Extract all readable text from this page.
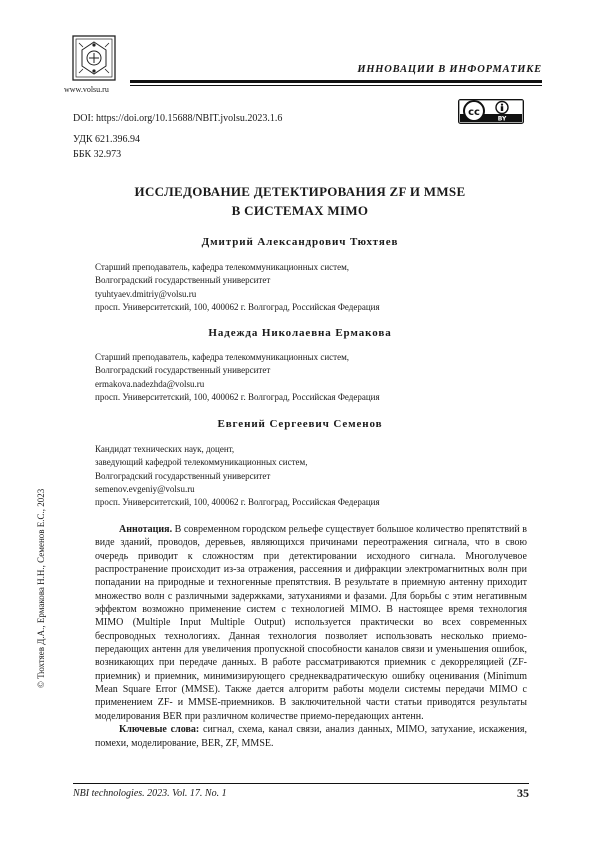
www.volsu.ru
ИННОВАЦИИ В ИНФОРМАТИКЕ
cc
BY
DOI: https://doi.org/10.15688/NBIT.jvolsu.2023.1.6
УДК 621.396.94
ББК 32.973
ИССЛЕДОВАНИЕ ДЕТЕКТИРОВАНИЯ ZF И MMSE
В СИСТЕМАХ MIMO
Дмитрий Александрович Тюхтяев
Старший преподаватель, кафедра телекоммуникационных систем,
Волгоградский государственный университет
tyuhtyaev.dmitriy@volsu.ru
просп. Университетский, 100, 400062 г. Волгоград, Российская Федерация
Надежда Николаевна Ермакова
Старший преподаватель, кафедра телекоммуникационных систем,
Волгоградский государственный университет
ermakova.nadezhda@volsu.ru
просп. Университетский, 100, 400062 г. Волгоград, Российская Федерация
Евгений Сергеевич Семенов
Кандидат технических наук, доцент,
заведующий кафедрой телекоммуникационных систем,
Волгоградский государственный университет
semenov.evgeniy@volsu.ru
просп. Университетский, 100, 400062 г. Волгоград, Российская Федерация

Аннотация. В современном городском рельефе существует большое количество препятствий в виде зданий, проводов, деревьев, являющихся причинами переотражения сигнала, что в свою очередь приводит к сложностям при детектировании исходного сигнала. Многолучевое распространение происходит из-за отражения, рассеяния и дифракции электромагнитных волн при попадании на природные и техногенные препятствия. В результате в приемную антенну приходит множество волн с различными задержками, затуханиями и фазами. Для борьбы с этим негативным эффектом возможно применение систем с технологией MIMO. В настоящее время технология MIMO (Multiple Input Multiple Output) используется практически во всех современных беспроводных технологиях. Данная технология позволяет использовать несколько приемо-передающих антенн для увеличения пропускной способности каналов связи и уменьшения ошибок, возникающих при передаче данных. В работе рассматриваются приемник с декорреляцией (ZF-приемник) и приемник, минимизирующего среднеквадратическую ошибку оценивания (Minimum Mean Square Error (MMSE). Также дается алгоритм работы модели системы передачи MIMO с применением ZF- и MMSE-приемников. В заключительной части статьи приводятся результаты моделирования BER при различном количестве приемо-передающих антенн.

Ключевые слова: сигнал, схема, канал связи, анализ данных, MIMO, затухание, искажения, помехи, моделирование, BER, ZF, MMSE.

© Тюхтяев Д.А., Ермакова Н.Н., Семенов Е.С., 2023
NBI technologies. 2023. Vol. 17. No. 1	35
